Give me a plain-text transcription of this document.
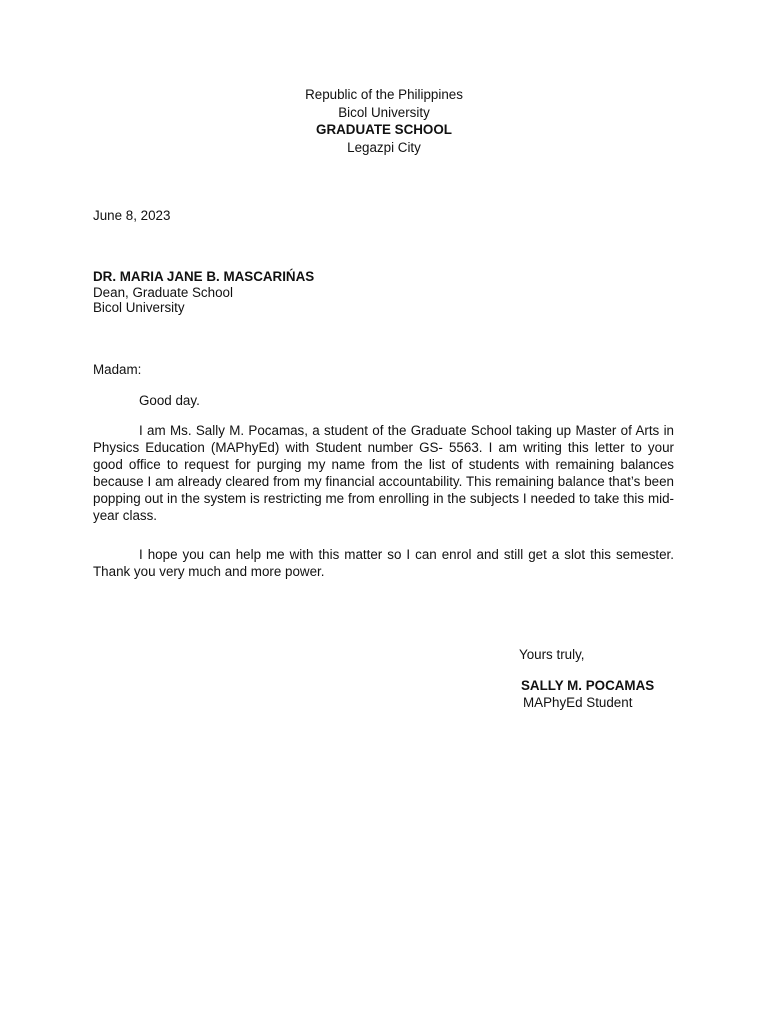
Republic of the Philippines
Bicol University
GRADUATE SCHOOL
Legazpi City
June 8, 2023
DR. MARIA JANE B. MASCARIŃAS
Dean, Graduate School
Bicol University
Madam:
Good day.

I am Ms. Sally M. Pocamas, a student of the Graduate School taking up Master of Arts in Physics Education (MAPhyEd) with Student number GS- 5563. I am writing this letter to your good office to request for purging my name from the list of students with remaining balances because I am already cleared from my financial accountability. This remaining balance that’s been popping out in the system is restricting me from enrolling in the subjects I needed to take this mid-year class.

I hope you can help me with this matter so I can enrol and still get a slot this semester. Thank you very much and more power.

Yours truly,
SALLY M. POCAMAS
MAPhyEd Student
